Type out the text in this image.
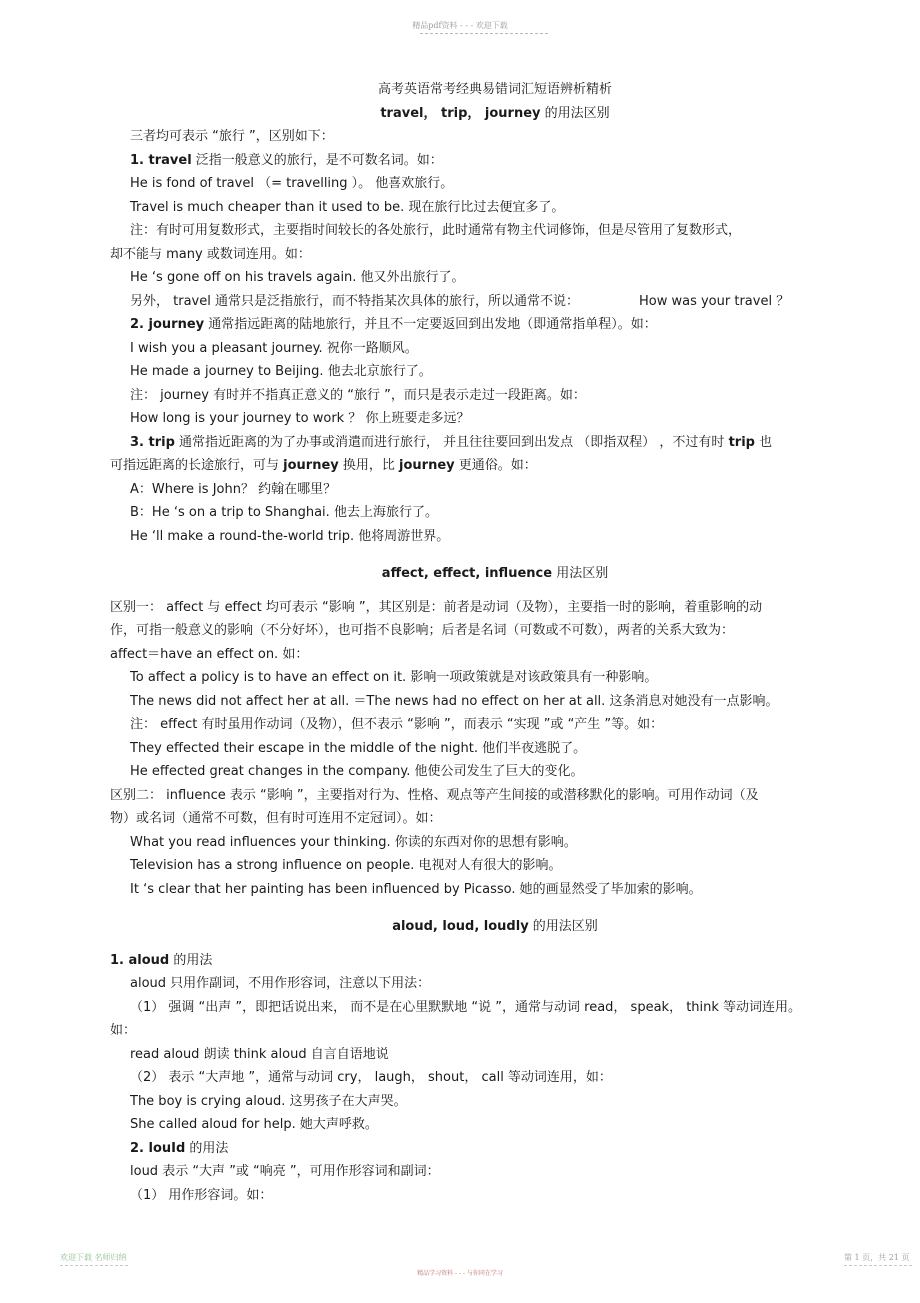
精品pdf资料 - - - 欢迎下载
高考英语常考经典易错词汇短语辨析精析
travel， trip， journey 的用法区别
三者均可表示 “旅行 ”，区别如下：
1. travel 泛指一般意义的旅行，是不可数名词。如：
He is fond of travel （= travelling ）。 他喜欢旅行。
Travel is much cheaper than it used to be. 现在旅行比过去便宜多了。
注：有时可用复数形式，主要指时间较长的各处旅行，此时通常有物主代词修饰，但是尽管用了复数形式，
却不能与 many 或数词连用。如：
He ‘s gone off on his travels again. 他又外出旅行了。
另外， travel 通常只是泛指旅行，而不特指某次具体的旅行，所以通常不说：	How was your travel ？
2. journey 通常指远距离的陆地旅行，并且不一定要返回到出发地（即通常指单程）。如：
I wish you a pleasant journey. 祝你一路顺风。
He made a journey to Beijing. 他去北京旅行了。
注： journey 有时并不指真正意义的 “旅行 ”，而只是表示走过一段距离。如：
How long is your journey to work ？ 你上班要走多远？
3. trip 通常指近距离的为了办事或消遣而进行旅行， 并且往往要回到出发点 （即指双程） ，不过有时 trip 也
可指远距离的长途旅行，可与 journey 换用，比 journey 更通俗。如：
A：Where is John？ 约翰在哪里？
B：He ‘s on a trip to Shanghai. 他去上海旅行了。
He ‘ll make a round-the-world trip. 他将周游世界。
affect, effect, influence 用法区别
区别一： affect 与 effect 均可表示 “影响 ”，其区别是：前者是动词（及物），主要指一时的影响，着重影响的动
作，可指一般意义的影响（不分好坏），也可指不良影响；后者是名词（可数或不可数），两者的关系大致为：
affect＝have an effect on. 如：
To affect a policy is to have an effect on it. 影响一项政策就是对该政策具有一种影响。
The news did not affect her at all. ＝The news had no effect on her at all. 这条消息对她没有一点影响。
注： effect 有时虽用作动词（及物），但不表示 “影响 ”，而表示 “实现 ”或 “产生 ”等。如：
They effected their escape in the middle of the night. 他们半夜逃脱了。
He effected great changes in the company. 他使公司发生了巨大的变化。
区别二： influence 表示 “影响 ”，主要指对行为、性格、观点等产生间接的或潜移默化的影响。可用作动词（及
物）或名词（通常不可数，但有时可连用不定冠词）。如：
What you read influences your thinking. 你读的东西对你的思想有影响。
Television has a strong influence on people. 电视对人有很大的影响。
It ‘s clear that her painting has been influenced by Picasso. 她的画显然受了毕加索的影响。
aloud, loud, loudly 的用法区别
1. aloud 的用法
aloud 只用作副词，不用作形容词，注意以下用法：
（1） 强调 “出声 ”，即把话说出来， 而不是在心里默默地 “说 ”，通常与动词 read， speak， think 等动词连用。
如：
read aloud 朗读 think aloud 自言自语地说
（2） 表示 “大声地 ”，通常与动词 cry， laugh， shout， call 等动词连用，如：
The boy is crying aloud. 这男孩子在大声哭。
She called aloud for help. 她大声呼救。
2. louId 的用法
loud 表示 “大声 ”或 “响亮 ”，可用作形容词和副词：
（1） 用作形容词。如：
欢迎下载 名师归纳	第 1 页，共 21 页
精品学习资料 - - - 与你同在学习
